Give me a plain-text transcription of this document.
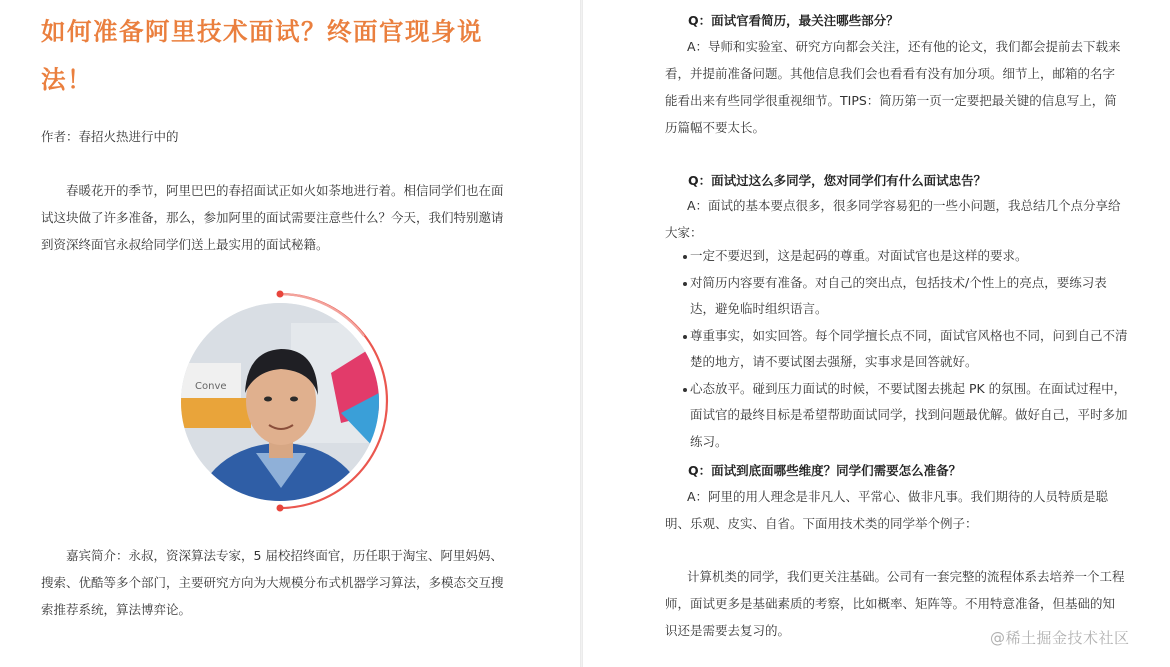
如何准备阿里技术面试？终面官现身说法！
作者：春招火热进行中的

春暖花开的季节，阿里巴巴的春招面试正如火如荼地进行着。相信同学们也在面试这块做了许多准备，那么，参加阿里的面试需要注意些什么？今天，我们特别邀请到资深终面官永叔给同学们送上最实用的面试秘籍。

Conve

嘉宾简介：永叔，资深算法专家，5 届校招终面官，历任职于淘宝、阿里妈妈、搜索、优酷等多个部门，主要研究方向为大规模分布式机器学习算法，多模态交互搜索推荐系统，算法博弈论。

Q：面试官看简历，最关注哪些部分？

A：导师和实验室、研究方向都会关注，还有他的论文，我们都会提前去下载来看，并提前准备问题。其他信息我们会也看看有没有加分项。细节上，邮箱的名字能看出来有些同学很重视细节。TIPS：简历第一页一定要把最关键的信息写上，简历篇幅不要太长。

Q：面试过这么多同学，您对同学们有什么面试忠告？

A：面试的基本要点很多，很多同学容易犯的一些小问题，我总结几个点分享给大家：

一定不要迟到，这是起码的尊重。对面试官也是这样的要求。
对简历内容要有准备。对自己的突出点，包括技术/个性上的亮点，要练习表达，避免临时组织语言。
尊重事实，如实回答。每个同学擅长点不同，面试官风格也不同，问到自己不清楚的地方，请不要试图去强掰，实事求是回答就好。
心态放平。碰到压力面试的时候，不要试图去挑起 PK 的氛围。在面试过程中，面试官的最终目标是希望帮助面试同学，找到问题最优解。做好自己，平时多加练习。
Q：面试到底面哪些维度？同学们需要怎么准备？

A：阿里的用人理念是非凡人、平常心、做非凡事。我们期待的人员特质是聪明、乐观、皮实、自省。下面用技术类的同学举个例子：

计算机类的同学，我们更关注基础。公司有一套完整的流程体系去培养一个工程师，面试更多是基础素质的考察，比如概率、矩阵等。不用特意准备，但基础的知识还是需要去复习的。	@稀土掘金技术社区
